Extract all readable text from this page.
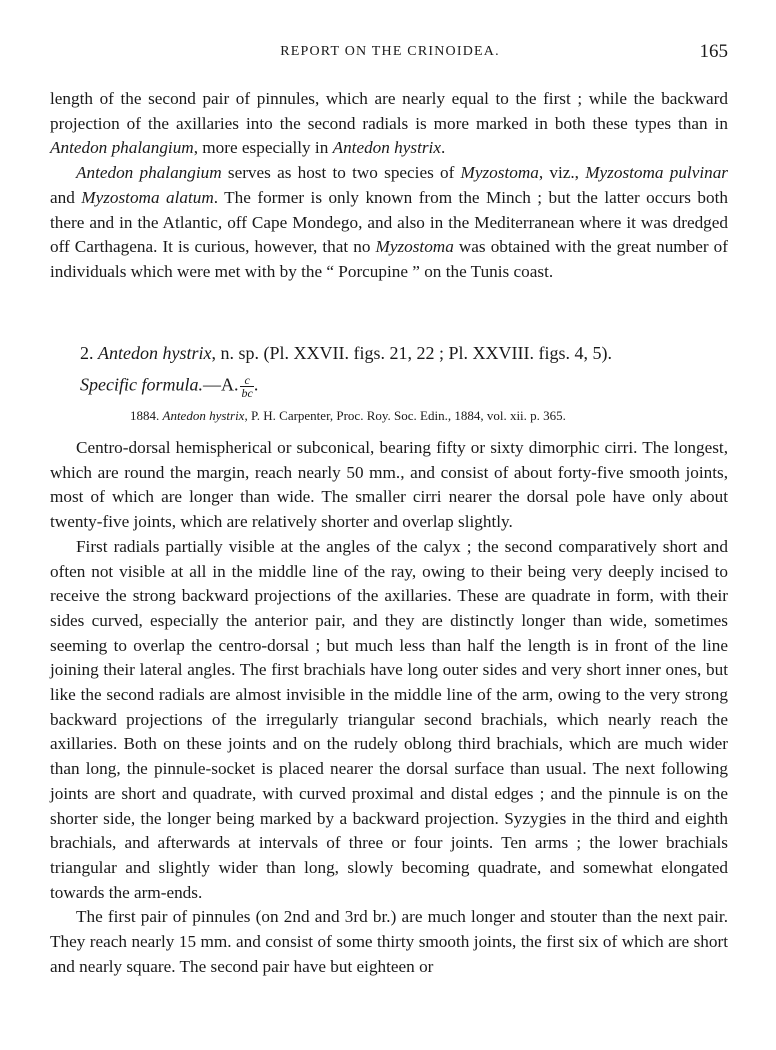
REPORT ON THE CRINOIDEA.	165

length of the second pair of pinnules, which are nearly equal to the first ; while the backward projection of the axillaries into the second radials is more marked in both these types than in Antedon phalangium, more especially in Antedon hystrix.

Antedon phalangium serves as host to two species of Myzostoma, viz., Myzostoma pulvinar and Myzostoma alatum. The former is only known from the Minch ; but the latter occurs both there and in the Atlantic, off Cape Mondego, and also in the Mediterranean where it was dredged off Carthagena. It is curious, however, that no Myzostoma was obtained with the great number of individuals which were met with by the “ Porcupine ” on the Tunis coast.

2. Antedon hystrix, n. sp. (Pl. XXVII. figs. 21, 22 ; Pl. XXVIII. figs. 4, 5).
Specific formula.—A. $\frac{c}{bc}$ .
1884. Antedon hystrix, P. H. Carpenter, Proc. Roy. Soc. Edin., 1884, vol. xii. p. 365.

Centro-dorsal hemispherical or subconical, bearing fifty or sixty dimorphic cirri. The longest, which are round the margin, reach nearly 50 mm., and consist of about forty-five smooth joints, most of which are longer than wide. The smaller cirri nearer the dorsal pole have only about twenty-five joints, which are relatively shorter and overlap slightly.

First radials partially visible at the angles of the calyx ; the second comparatively short and often not visible at all in the middle line of the ray, owing to their being very deeply incised to receive the strong backward projections of the axillaries. These are quadrate in form, with their sides curved, especially the anterior pair, and they are distinctly longer than wide, sometimes seeming to overlap the centro-dorsal ; but much less than half the length is in front of the line joining their lateral angles. The first brachials have long outer sides and very short inner ones, but like the second radials are almost invisible in the middle line of the arm, owing to the very strong backward projections of the irregularly triangular second brachials, which nearly reach the axillaries. Both on these joints and on the rudely oblong third brachials, which are much wider than long, the pinnule-socket is placed nearer the dorsal surface than usual. The next following joints are short and quadrate, with curved proximal and distal edges ; and the pinnule is on the shorter side, the longer being marked by a backward projection. Syzygies in the third and eighth brachials, and afterwards at intervals of three or four joints. Ten arms ; the lower brachials triangular and slightly wider than long, slowly becoming quadrate, and somewhat elongated towards the arm-ends.

The first pair of pinnules (on 2nd and 3rd br.) are much longer and stouter than the next pair. They reach nearly 15 mm. and consist of some thirty smooth joints, the first six of which are short and nearly square. The second pair have but eighteen or
